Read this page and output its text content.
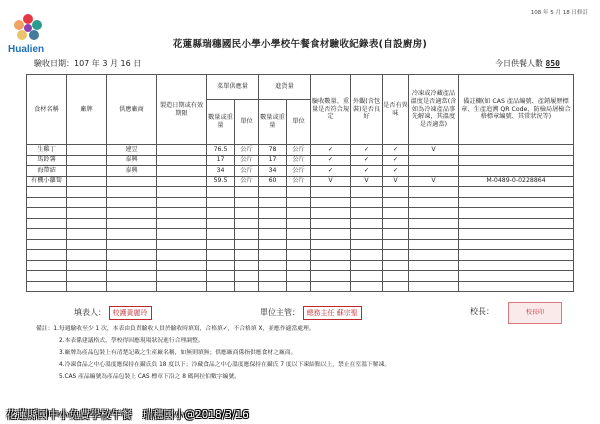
Hualien
108 年 5 月 18 日修訂
花蓮縣瑞穗國民小學小學校午餐食材驗收紀錄表(自設廚房)
驗收日期：107 年 3 月 16 日	今日供餐人數 850
食材名稱	廠牌	供應廠商	製造日期或有效期限	菜單供應量		進貨量		驗收數量、重量是否符合規定	外觀(含包裝)是否良好	是否有異味	冷凍或冷藏產品溫度是否適當(含如為冷凍產品事先解凍，其溫度是否適當)	備註欄(如 CAS 產品編號、產銷履歷標章、生產追溯 QR Code、防檢局屠檢合格標章編號、其常狀況等)
				數量或重量	單位	數量或重量	單位					
生雞丁		建昱		76.5	公斤	78	公斤	✓	✓	✓	V	
馬鈴薯		泰興		17	公斤	17	公斤	✓	✓	✓		
海帶結		泰興		34	公斤	34	公斤	✓	✓	✓		
有機小蘿蔔				59.5	公斤	60	公斤	V	V	V	V	M-0489-0-0228864

填表人： 校護黃麗玲	單位主管： 總務主任 蘇宗聖	校長：	校長印
備註：1.每週驗收至少 1 次，本表由負責驗收人員於驗收時填寫，合格填✓，不合格填 X，並應作適當處理。
2.本表係建議格式，學校得因應現場狀況進行合理調整。
3.廠牌為產品包裝上有清楚記載之生產廠名稱，如無則填無；供應廠商係指供應食材之廠商。
4.冷凍食品之中心溫度應保持在攝氏負 18 度以下；冷藏食品之中心溫度應保持在攝氏 7 度以下凍結點以上，禁止在室溫下解凍。
5.CAS 產品編號為產品包裝上 CAS 標章下沿之 8 碼阿拉伯數字編號。
花蓮縣國中小免費學校午餐　瑞穗國小@2018/3/16
